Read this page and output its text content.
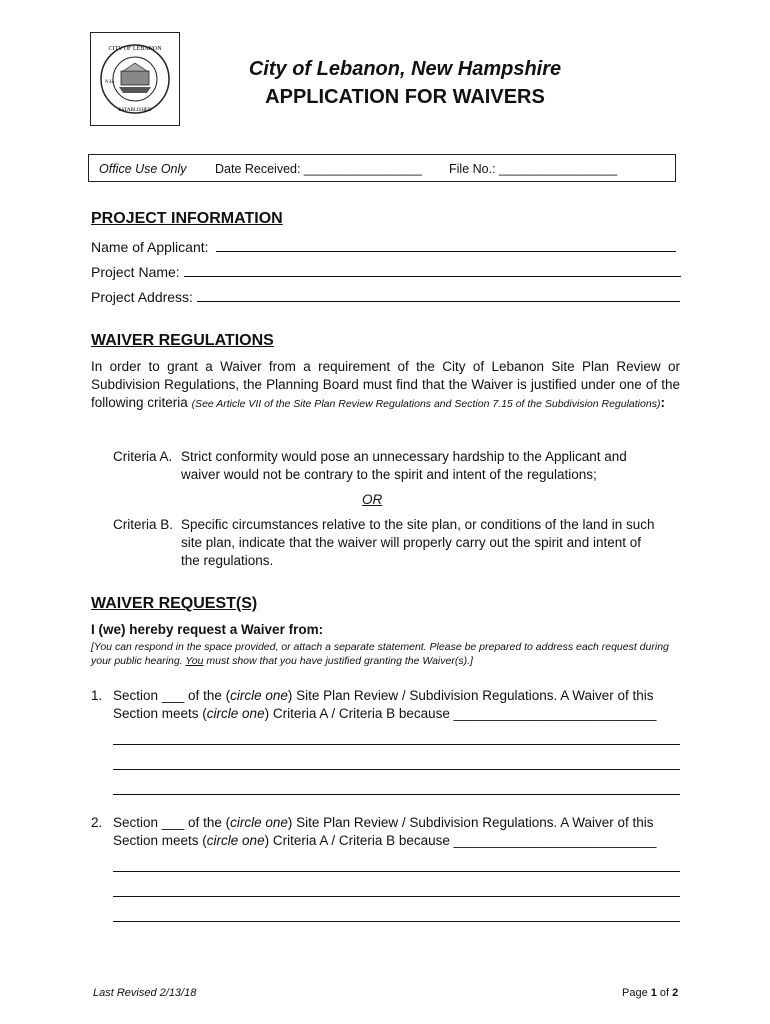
CITY OF LEBANON
N.H.
ESTABLISHED
City of Lebanon, New Hampshire
APPLICATION FOR WAIVERS
Office Use Only Date Received: _________________ File No.: _________________
PROJECT INFORMATION
Name of Applicant:
Project Name:
Project Address:
WAIVER REGULATIONS
In order to grant a Waiver from a requirement of the City of Lebanon Site Plan Review or Subdivision Regulations, the Planning Board must find that the Waiver is justified under one of the following criteria (See Article VII of the Site Plan Review Regulations and Section 7.15 of the Subdivision Regulations):
Criteria A. Strict conformity would pose an unnecessary hardship to the Applicant and waiver would not be contrary to the spirit and intent of the regulations;
OR
Criteria B. Specific circumstances relative to the site plan, or conditions of the land in such site plan, indicate that the waiver will properly carry out the spirit and intent of the regulations.
WAIVER REQUEST(S)
I (we) hereby request a Waiver from:
[You can respond in the space provided, or attach a separate statement. Please be prepared to address each request during your public hearing. You must show that you have justified granting the Waiver(s).]
1. Section ___ of the (circle one) Site Plan Review / Subdivision Regulations. A Waiver of this
Section meets (circle one) Criteria A / Criteria B because ___________________________
2. Section ___ of the (circle one) Site Plan Review / Subdivision Regulations. A Waiver of this
Section meets (circle one) Criteria A / Criteria B because ___________________________
Last Revised 2/13/18	Page 1 of 2
